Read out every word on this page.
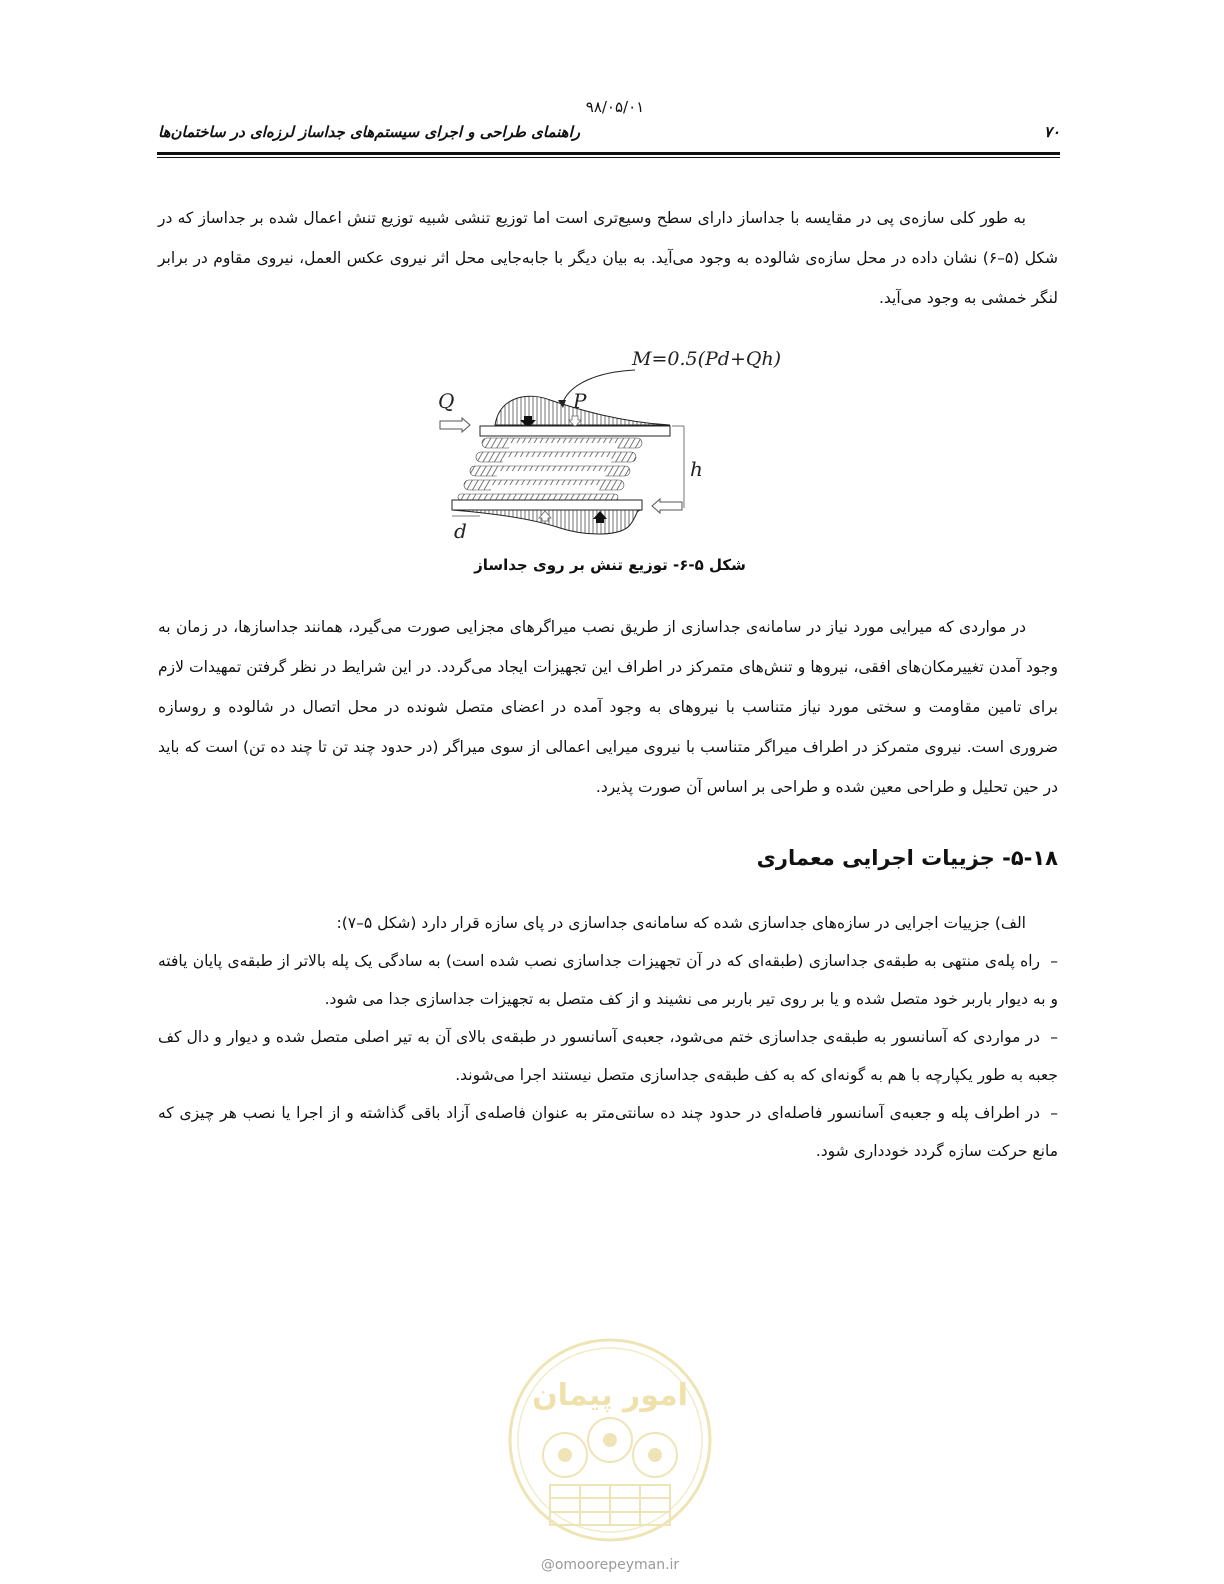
۹۸/۰۵/۰۱
راهنمای طراحی و اجرای سیستم‌های جداساز لرزه‌ای در ساختمان‌ها	۷۰

به طور کلی سازه‌ی پی در مقایسه با جداساز دارای سطح وسیع‌تری است اما توزیع تنشی شبیه توزیع تنش اعمال شده بر جداساز که در شکل (۵–۶) نشان داده در محل سازه‌ی شالوده به وجود می‌آید. به بیان دیگر با جابه‌جایی محل اثر نیروی عکس العمل، نیروی مقاوم در برابر لنگر خمشی به وجود می‌آید.

M=0.5(Pd+Qh)
Q	P
h
d
شکل ۵-۶- توزیع تنش بر روی جداساز

در مواردی که میرایی مورد نیاز در سامانه‌ی جداسازی از طریق نصب میراگرهای مجزایی صورت می‌گیرد، همانند جداسازها، در زمان به وجود آمدن تغییرمکان‌های افقی، نیروها و تنش‌های متمرکز در اطراف این تجهیزات ایجاد می‌گردد. در این شرایط در نظر گرفتن تمهیدات لازم برای تامین مقاومت و سختی مورد نیاز متناسب با نیروهای به وجود آمده در اعضای متصل شونده در محل اتصال در شالوده و روسازه ضروری است. نیروی متمرکز در اطراف میراگر متناسب با نیروی میرایی اعمالی از سوی میراگر (در حدود چند تن تا چند ده تن) است که باید در حین تحلیل و طراحی معین شده و طراحی بر اساس آن صورت پذیرد.

۵-۱۸- جزییات اجرایی معماری
الف) جزییات اجرایی در سازه‌های جداسازی شده که سامانه‌ی جداسازی در پای سازه قرار دارد (شکل ۵–۷):
–راه پله‌ی منتهی به طبقه‌ی جداسازی (طبقه‌ای که در آن تجهیزات جداسازی نصب شده است) به سادگی یک پله بالاتر از طبقه‌ی پایان یافته و به دیوار باربر خود متصل شده و یا بر روی تیر باربر می نشیند و از کف متصل به تجهیزات جداسازی جدا می شود.
–در مواردی که آسانسور به طبقه‌ی جداسازی ختم می‌شود، جعبه‌ی آسانسور در طبقه‌ی بالای آن به تیر اصلی متصل شده و دیوار و دال کف جعبه به طور یکپارچه با هم به گونه‌ای که به کف طبقه‌ی جداسازی متصل نیستند اجرا می‌شوند.
–در اطراف پله و جعبه‌ی آسانسور فاصله‌ای در حدود چند ده سانتی‌متر به عنوان فاصله‌ی آزاد باقی گذاشته و از اجرا یا نصب هر چیزی که مانع حرکت سازه گردد خودداری شود.
امور پیمان
@omoorepeyman.ir
